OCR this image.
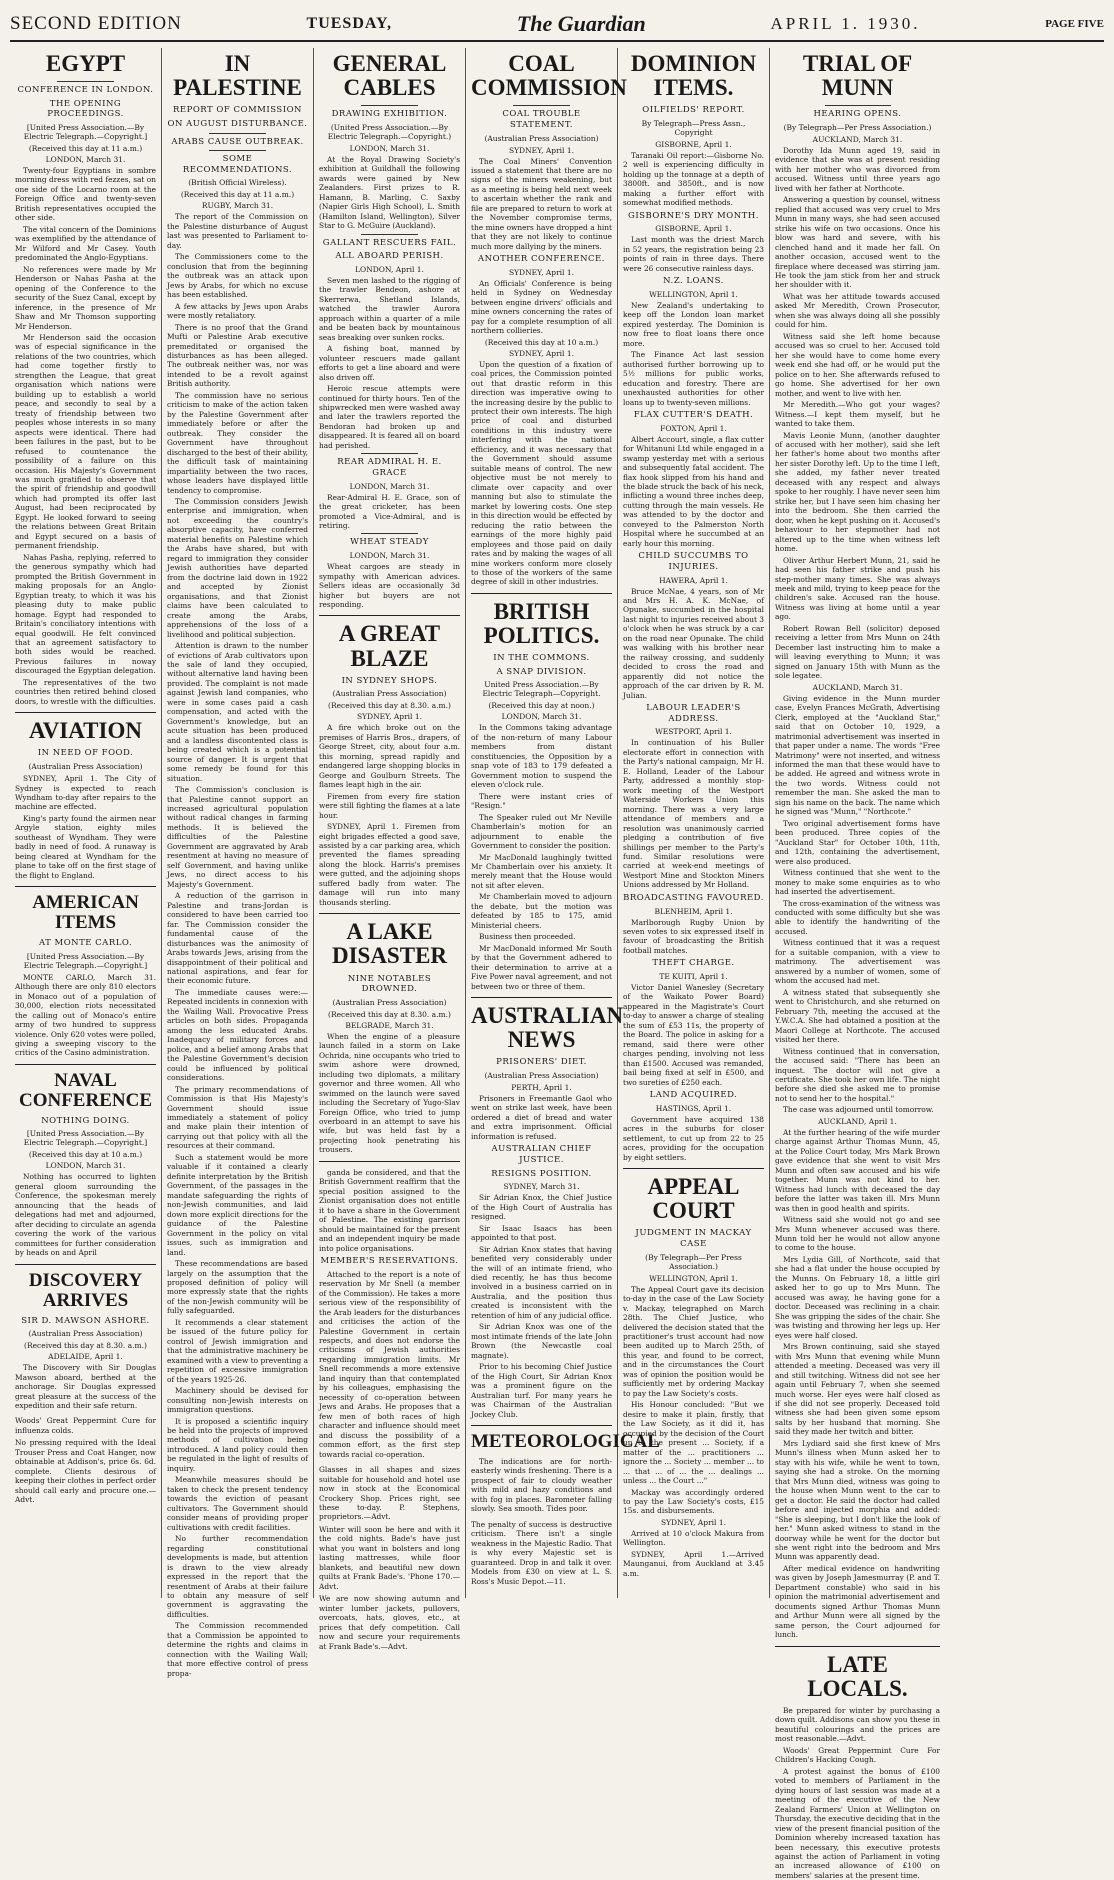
SECOND EDITION	TUESDAY,	The Guardian	APRIL 1. 1930.	PAGE FIVE
EGYPT
CONFERENCE IN LONDON.
THE OPENING PROCEEDINGS.
[United Press Association.—By Electric Telegraph.—Copyright.]
(Received this day at 11 a.m.)
LONDON, March 31.

Twenty-four Egyptians in sombre morning dress with red fezzes, sat on one side of the Locarno room at the Foreign Office and twenty-seven British representatives occupied the other side.

The vital concern of the Dominions was exemplified by the attendance of Mr Wilford and Mr Casey. Youth predominated the Anglo-Egyptians.

No references were made by Mr Henderson or Nahas Pasha at the opening of the Conference to the security of the Suez Canal, except by inference, in the presence of Mr Shaw and Mr Thomson supporting Mr Henderson.

Mr Henderson said the occasion was of especial significance in the relations of the two countries, which had come together firstly to strengthen the League, that great organisation which nations were building up to establish a world peace, and secondly to seal by a treaty of friendship between two peoples whose interests in so many aspects were identical. There had been failures in the past, but to be refused to countenance the possibility of a failure on this occasion. His Majesty's Government was much gratified to observe that the spirit of friendship and goodwill which had prompted its offer last August, had been reciprocated by Egypt. He looked forward to seeing the relations between Great Britain and Egypt secured on a basis of permanent friendship.

Nahas Pasha, replying, referred to the generous sympathy which had prompted the British Government in making proposals for an Anglo-Egyptian treaty, to which it was his pleasing duty to make public homage. Egypt had responded to Britain's conciliatory intentions with equal goodwill. He felt convinced that an agreement satisfactory to both sides would be reached. Previous failures in noway discouraged the Egyptian delegation.

The representatives of the two countries then retired behind closed doors, to wrestle with the difficulties.

AVIATION
IN NEED OF FOOD.
(Australian Press Association)

SYDNEY, April 1. The City of Sydney is expected to reach Wyndham to-day after repairs to the machine are effected.

King's party found the airmen near Argyle station, eighty miles southeast of Wyndham. They were badly in need of food. A runaway is being cleared at Wyndham for the plane to take off on the first stage of the flight to England.

AMERICAN ITEMS
AT MONTE CARLO.
[United Press Association.—By Electric Telegraph.—Copyright.]

MONTE CARLO, March 31. Although there are only 810 electors in Monaco out of a population of 30,000, election riots necessitated the calling out of Monaco's entire army of two hundred to suppress violence. Only 620 votes were polled, giving a sweeping viscory to the critics of the Casino administration.

NAVAL CONFERENCE
NOTHING DOING.
[United Press Association.—By Electric Telegraph.—Copyright.]
(Received this day at 10 a.m.)
LONDON, March 31.

Nothing has occurred to lighten general gloom surrounding the Conference, the spokesman merely announcing that the heads of delegations had met and adjourned, after deciding to circulate an agenda covering the work of the various committees for further consideration by heads on and April

DISCOVERY ARRIVES
SIR D. MAWSON ASHORE.
(Australian Press Association)
(Received this day at 8.30. a.m.)
ADELAIDE, April 1.

The Discovery with Sir Douglas Mawson aboard, berthed at the anchorage. Sir Douglas expressed great pleasure at the success of the expedition and their safe return.

Woods' Great Peppermint Cure for influenza colds.
No pressing required with the Ideal Trouser Press and Coat Hanger, now obtainable at Addison's, price 6s. 6d. complete. Clients desirous of keeping their clothes in perfect order should call early and procure one.—Advt.
IN PALESTINE
REPORT OF COMMISSION
ON AUGUST DISTURBANCE.
ARABS CAUSE OUTBREAK.
SOME RECOMMENDATIONS.
(British Official Wireless).
(Received this day at 11 a.m.)
RUGBY, March 31.

The report of the Commission on the Palestine disturbance of August last was presented to Parliament to-day.

The Commissioners come to the conclusion that from the beginning the outbreak was an attack upon Jews by Arabs, for which no excuse has been established.

A few attacks by Jews upon Arabs were mostly retaliatory.

There is no proof that the Grand Mufti or Palestine Arab executive premeditated or organised the disturbances as has been alleged. The outbreak neither was, nor was intended to be a revolt against British authority.

The commission have no serious criticism to make of the action taken by the Palestine Government after immediately before or after the outbreak. They consider the Government have throughout discharged to the best of their ability, the difficult task of maintaining impartiality between the two races, whose leaders have displayed little tendency to compromise.

The Commission considers Jewish enterprise and immigration, when not exceeding the country's absorptive capacity, have conferred material benefits on Palestine which the Arabs have shared, but with regard to immigration they consider Jewish authorities have departed from the doctrine laid down in 1922 and accepted by Zionist organisations, and that Zionist claims have been calculated to create among the Arabs, apprehensions of the loss of a livelihood and political subjection.

Attention is drawn to the number of evictions of Arab cultivators upon the sale of land they occupied, without alternative land having been provided. The complaint is not made against Jewish land companies, who were in some cases paid a cash compensation, and acted with the Government's knowledge, but an acute situation has been produced and a landless discontented class is being created which is a potential source of danger. It is urgent that some remedy be found for this situation.

The Commission's conclusion is that Palestine cannot support an increased agricultural population without radical changes in farming methods. It is believed the difficulties of the Palestine Government are aggravated by Arab resentment at having no measure of self Government, and having unlike Jews, no direct access to his Majesty's Government.

A reduction of the garrison in Palestine and trans-Jordan is considered to have been carried too far. The Commission consider the fundamental cause of the disturbances was the animosity of Arabs towards Jews, arising from the disappointment of their political and national aspirations, and fear for their economic future.

The immediate causes were:— Repeated incidents in connexion with the Wailing Wall. Provocative Press articles on both sides. Propaganda among the less educated Arabs. Inadequacy of military forces and police, and a belief among Arabs that the Palestine Government's decision could be influenced by political considerations.

The primary recommendations of Commission is that His Majesty's Government should issue immediately a statement of policy and make plain their intention of carrying out that policy with all the resources at their command.

Such a statement would be more valuable if it contained a clearly definite interpretation by the British Government, of the passages in the mandate safeguarding the rights of non-Jewish communities, and laid down more explicit directions for the guidance of the Palestine Government in the policy on vital issues, such as immigration and land.

These recommendations are based largely on the assumption that the proposed definition of policy will more expressly state that the rights of the non-Jewish community will be fully safeguarded.

It recommends a clear statement be issued of the future policy for control of Jewish immigration and that the administrative machinery be examined with a view to preventing a repetition of excessive immigration of the years 1925-26.

Machinery should be devised for consulting non-Jewish interests on immigration questions.

It is proposed a scientific inquiry be held into the projects of improved methods of cultivation being introduced. A land policy could then be regulated in the light of results of inquiry.

Meanwhile measures should be taken to check the present tendency towards the eviction of peasant cultivators. The Government should consider means of providing proper cultivations with credit facilities.

No further recommendation regarding constitutional developments is made, but attention is drawn to the view already expressed in the report that the resentment of Arabs at their failure to obtain any measure of self government is aggravating the difficulties.

The Commission recommended that a Commission be appointed to determine the rights and claims in connection with the Wailing Wall; that more effective control of press propa-

GENERAL CABLES
DRAWING EXHIBITION.
(United Press Association.—By Electric Telegraph.—Copyright.)
LONDON, March 31.

At the Royal Drawing Society's exhibition at Guildhall the following awards were gained by New Zealanders. First prizes to R. Hamann, B. Marling, C. Saxby (Napier Girls High School), L. Smith (Hamilton Island, Wellington), Silver Star to G. McGuire (Auckland).

GALLANT RESCUERS FAIL.
ALL ABOARD PERISH.
LONDON, April 1.

Seven men lashed to the rigging of the trawler Bendeon, ashore at Skerrerwa, Shetland Islands, watched the trawler Aurora approach within a quarter of a mile and be beaten back by mountainous seas breaking over sunken rocks.

A fishing boat, manned by volunteer rescuers made gallant efforts to get a line aboard and were also driven off.

Heroic rescue attempts were continued for thirty hours. Ten of the shipwrecked men were washed away and later the trawlers reported the Bendoran had broken up and disappeared. It is feared all on board had perished.

REAR ADMIRAL H. E. GRACE
LONDON, March 31.

Rear-Admiral H. E. Grace, son of the great cricketer, has been promoted a Vice-Admiral, and is retiring.

WHEAT STEADY
LONDON, March 31.

Wheat cargoes are steady in sympathy with American advices. Sellers ideas are occasionally 3d higher but buyers are not responding.

A GREAT BLAZE
IN SYDNEY SHOPS.
(Australian Press Association)
(Received this day at 8.30. a.m.)
SYDNEY, April 1.

A fire which broke out on the premises of Harris Bros., drapers, of George Street, city, about four a.m. this morning, spread rapidly and endangered large shopping blocks in George and Goulburn Streets. The flames leapt high in the air.

Firemen from every fire station were still fighting the flames at a late hour.

SYDNEY, April 1. Firemen from eight brigades effected a good save, assisted by a car parking area, which prevented the flames spreading along the block. Harris's premises were gutted, and the adjoining shops suffered badly from water. The damage will run into many thousands sterling.

A LAKE DISASTER
NINE NOTABLES DROWNED.
(Australian Press Association)
(Received this day at 8.30. a.m.)
BELGRADE, March 31.

When the engine of a pleasure launch failed in a storm on Lake Ochrida, nine occupants who tried to swim ashore were drowned, including two diplomats, a military governor and three women. All who swimmed on the launch were saved including the Secretary of Yugo-Slav Foreign Office, who tried to jump overboard in an attempt to save his wife, but was held fast by a projecting hook penetrating his trousers.

ganda be considered, and that the British Government reaffirm that the special position assigned to the Zionist organisation does not entitle it to have a share in the Government of Palestine. The existing garrison should be maintained for the present and an independent inquiry be made into police organisations.

MEMBER'S RESERVATIONS.

Attached to the report is a note of reservation by Mr Snell (a member of the Commission). He takes a more serious view of the responsibility of the Arab leaders for the disturbances and criticises the action of the Palestine Government in certain respects, and does not endorse the criticisms of Jewish authorities regarding immigration limits. Mr Snell recommends a more extensive land inquiry than that contemplated by his colleagues, emphasising the necessity of co-operation between Jews and Arabs. He proposes that a few men of both races of high character and influence should meet and discuss the possibility of a common effort, as the first step towards racial co-operation.

Glasses in all shapes and sizes suitable for household and hotel use now in stock at the Economical Crockery Shop. Prices right, see these to-day. P. Stephens, proprietors.—Advt.
Winter will soon be here and with it the cold nights. Bade's have just what you want in bolsters and long lasting mattresses, while floor blankets, and beautiful new down quilts at Frank Bade's. 'Phone 170.—Advt.
We are now showing autumn and winter lumber jackets, pullovers, overcoats, hats, gloves, etc., at prices that defy competition. Call now and secure your requirements at Frank Bade's.—Advt.
COAL COMMISSION
COAL TROUBLE STATEMENT.
(Australian Press Association)
SYDNEY, April 1.

The Coal Miners' Convention issued a statement that there are no signs of the miners weakening, but as a meeting is being held next week to ascertain whether the rank and file are prepared to return to work at the November compromise terms, the mine owners have dropped a hint that they are not likely to continue much more dallying by the miners.

ANOTHER CONFERENCE.
SYDNEY, April 1.

An Officials' Conference is being held in Sydney on Wednesday between engine drivers' officials and mine owners concerning the rates of pay for a complete resumption of all northern collieries.

(Received this day at 10 a.m.)
SYDNEY, April 1.

Upon the question of a fixation of coal prices, the Commission pointed out that drastic reform in this direction was imperative owing to the increasing desire by the public to protect their own interests. The high price of coal and disturbed conditions in this industry were interfering with the national efficiency, and it was necessary that the Government should assume suitable means of control. The new objective must be not merely to climate over capacity and over manning but also to stimulate the market by lowering costs. One step in this direction would be effected by reducing the ratio between the earnings of the more highly paid employees and those paid on daily rates and by making the wages of all mine workers conform more closely to those of the workers of the same degree of skill in other industries.

BRITISH POLITICS.
IN THE COMMONS.
A SNAP DIVISION.
United Press Association.—By Electric Telegraph—Copyright.
(Received this day at noon.)
LONDON, March 31.

In the Commons taking advantage of the non-return of many Labour members from distant constituencies, the Opposition by a snap vote of 183 to 179 defeated a Government motion to suspend the eleven o'clock rule.

There were instant cries of "Resign."

The Speaker ruled out Mr Neville Chamberlain's motion for an adjournment to enable the Government to consider the position.

Mr MacDonald laughingly twitted Mr Chamberlain over his anxiety. It merely meant that the House would not sit after eleven.

Mr Chamberlain moved to adjourn the debate, but the motion was defeated by 185 to 175, amid Ministerial cheers.

Business then proceeded.

Mr MacDonald informed Mr South by that the Government adhered to their determination to arrive at a Five Power naval agreement, and not between two or three of them.

AUSTRALIAN NEWS
PRISONERS' DIET.
(Australian Press Association)
PERTH, April 1.

Prisoners in Freemantle Gaol who went on strike last week, have been ordered a diet of bread and water and extra imprisonment. Official information is refused.

AUSTRALIAN CHIEF JUSTICE.
RESIGNS POSITION.
SYDNEY, March 31.

Sir Adrian Knox, the Chief Justice of the High Court of Australia has resigned.

Sir Isaac Isaacs has been appointed to that post.

Sir Adrian Knox states that having benefited very considerably under the will of an intimate friend, who died recently, he has thus become involved in a business carried on in Australia, and the position thus created is inconsistent with the retention of him of any judicial office.

Sir Adrian Knox was one of the most intimate friends of the late John Brown (the Newcastle coal magnate).

Prior to his becoming Chief Justice of the High Court, Sir Adrian Knox was a prominent figure on the Australian turf. For many years he was Chairman of the Australian Jockey Club.

METEOROLOGICAL

The indications are for north-easterly winds freshening. There is a prospect of fair to cloudy weather with mild and hazy conditions and with fog in places. Barometer falling slowly. Sea smooth. Tides poor.

The penalty of success is destructive criticism. There isn't a single weakness in the Majestic Radio. That is why every Majestic set is guaranteed. Drop in and talk it over. Models from £30 on view at L. S. Ross's Music Depot.—11.
DOMINION ITEMS.
OILFIELDS' REPORT.
By Telegraph—Press Assn., Copyright
GISBORNE, April 1.

Taranaki Oil report:—Gisborne No. 2 well is experiencing difficulty in holding up the tonnage at a depth of 3800ft. and 3850ft., and is now making a further effort with somewhat modified methods.

GISBORNE'S DRY MONTH.
GISBORNE, April 1.

Last month was the driest March in 52 years, the registration being 23 points of rain in three days. There were 26 consecutive rainless days.

N.Z. LOANS.
WELLINGTON, April 1.

New Zealand's undertaking to keep off the London loan market expired yesterday. The Dominion is now free to float loans there once more.

The Finance Act last session authorised further borrowing up to 5½ millions for public works, education and forestry. There are unexhausted authorities for other loans up to twenty-seven millions.

FLAX CUTTER'S DEATH.
FOXTON, April 1.

Albert Accourt, single, a flax cutter for Whitanuni Ltd while engaged in a swamp yesterday met with a serious and subsequently fatal accident. The flax hook slipped from his hand and the blade struck the back of his neck, inflicting a wound three inches deep, cutting through the main vessels. He was attended to by the doctor and conveyed to the Palmerston North Hospital where he succumbed at an early hour this morning.

CHILD SUCCUMBS TO INJURIES.
HAWERA, April 1.

Bruce McNae, 4 years, son of Mr and Mrs H. A. K. McNae, of Opunake, succumbed in the hospital last night to injuries received about 3 o'clock when he was struck by a car on the road near Opunake. The child was walking with his brother near the railway crossing, and suddenly decided to cross the road and apparently did not notice the approach of the car driven by R. M. Julian.

LABOUR LEADER'S ADDRESS.
WESTPORT, April 1.

In continuation of his Buller electorate effort in connection with the Party's national campaign, Mr H. E. Holland, Leader of the Labour Party, addressed a monthly stop-work meeting of the Westport Waterside Workers Union this morning. There was a very large attendance of members and a resolution was unanimously carried pledging a contribution of five shillings per member to the Party's fund. Similar resolutions were carried at week-end meetings of Westport Mine and Stockton Miners Unions addressed by Mr Holland.

BROADCASTING FAVOURED.
BLENHEIM, April 1.

Marlborough Rugby Union by seven votes to six expressed itself in favour of broadcasting the British football matches.

THEFT CHARGE.
TE KUITI, April 1.

Victor Daniel Wanesley (Secretary of the Waikato Power Board) appeared in the Magistrate's Court to-day to answer a charge of stealing the sum of £53 11s, the property of the Board. The police in asking for a remand, said there were other charges pending, involving not less than £1500. Accused was remanded, bail being fixed at self in £500, and two sureties of £250 each.

LAND ACQUIRED.
HASTINGS, April 1.

Government have acquired 138 acres in the suburbs for closer settlement, to cut up from 22 to 25 acres, providing for the occupation by eight settlers.

APPEAL COURT
JUDGMENT IN MACKAY CASE
(By Telegraph—Per Press Association.)
WELLINGTON, April 1.

The Appeal Court gave its decision to-day in the case of the Law Society v. Mackay, telegraphed on March 28th. The Chief Justice, who delivered the decision stated that the practitioner's trust account had now been audited up to March 25th, of this year, and found to be correct, and in the circumstances the Court was of opinion the position would be sufficiently met by ordering Mackay to pay the Law Society's costs.

His Honour concluded: "But we desire to make it plain, firstly, that the Law Society, as it did it, has occupied by the decision of the Court up to the present ... Society, if a matter of the ... practitioners ... ignore the ... Society ... member ... to ... that ... of ... the ... dealings ... unless ... the Court ..."

Mackay was accordingly ordered to pay the Law Society's costs, £15 15s. and disbursements.

SYDNEY, April 1.

Arrived at 10 o'clock Makura from Wellington.

SYDNEY, April 1.—Arrived Maunganui, from Auckland at 3.45 a.m.

TRIAL OF MUNN
HEARING OPENS.
(By Telegraph—Per Press Association.)
AUCKLAND, March 31.

Dorothy Ida Munn aged 19, said in evidence that she was at present residing with her mother who was divorced from accused. Witness until three years ago lived with her father at Northcote.

Answering a question by counsel, witness replied that accused was very cruel to Mrs Munn in many ways, she had seen accused strike his wife on two occasions. Once his blow was hard and severe, with his clenched hand and it made her fall. On another occasion, accused went to the fireplace where deceased was stirring jam. He took the jam stick from her and struck her shoulder with it.

What was her attitude towards accused asked Mr Meredith, Crown Prosecutor, when she was always doing all she possibly could for him.

Witness said she left home because accused was so cruel to her. Accused told her she would have to come home every week end she had off, or he would put the police on to her. She afterwards refused to go home. She advertised for her own mother, and went to live with her.

Mr Meredith.—Who got your wages? Witness.—I kept them myself, but he wanted to take them.

Mavis Leonie Munn, (another daughter of accused with her mother), said she left her father's home about two months after her sister Dorothy left. Up to the time I left, she added, my father never treated deceased with any respect and always spoke to her roughly. I have never seen him strike her, but I have seen him chasing her into the bedroom. She then carried the door, when he kept pushing on it. Accused's behaviour to her stepmother had not altered up to the time when witness left home.

Oliver Arthur Herbert Munn, 21, said he had seen his father strike and push his step-mother many times. She was always meek and mild, trying to keep peace for the children's sake. Accused ran the house. Witness was living at home until a year ago.

Robert Rowan Bell (solicitor) deposed receiving a letter from Mrs Munn on 24th December last instructing him to make a will leaving everything to Munn; it was signed on January 15th with Munn as the sole legatee.

AUCKLAND, March 31.

Giving evidence in the Munn murder case, Evelyn Frances McGrath, Advertising Clerk, employed at the "Auckland Star," said that on October 10, 1929, a matrimonial advertisement was inserted in that paper under a name. The words "Free Matrimony" were not inserted, and witness informed the man that these would have to be added. He agreed and witness wrote in the two words. Witness could not remember the man. She asked the man to sign his name on the back. The name which he signed was "Munn," "Northcote."

Two original advertisement forms have been produced. Three copies of the "Auckland Star" for October 10th, 11th, and 12th, containing the advertisement, were also produced.

Witness continued that she went to the money to make some enquiries as to who had inserted the advertisement.

The cross-examination of the witness was conducted with some difficulty but she was able to identify the handwriting of the accused.

Witness continued that it was a request for a suitable companion, with a view to matrimony. The advertisement was answered by a number of women, some of whom the accused had met.

A witness stated that subsequently she went to Christchurch, and she returned on February 7th, meeting the accused at the Y.W.C.A. She had obtained a position at the Maori College at Northcote. The accused visited her there.

Witness continued that in conversation, the accused said: "There has been an inquest. The doctor will not give a certificate. She took her own life. The night before she died she asked me to promise not to send her to the hospital."

The case was adjourned until tomorrow.

AUCKLAND, April 1.

At the further hearing of the wife murder charge against Arthur Thomas Munn, 45, at the Police Court today, Mrs Mark Brown gave evidence that she went to visit Mrs Munn and often saw accused and his wife together. Munn was not kind to her. Witness had lunch with deceased the day before the latter was taken ill. Mrs Munn was then in good health and spirits.

Witness said she would not go and see Mrs Munn whenever accused was there. Munn told her he would not allow anyone to come to the house.

Mrs Lydia Gill, of Northcote, said that she had a flat under the house occupied by the Munns. On February 18, a little girl asked her to go up to Mrs Munn. The accused was away, he having gone for a doctor. Deceased was reclining in a chair. She was gripping the sides of the chair. She was twisting and throwing her legs up. Her eyes were half closed.

Mrs Brown continuing, said she stayed with Mrs Munn that evening while Munn attended a meeting. Deceased was very ill and still twitching. Witness did not see her again until February 7, when she seemed much worse. Her eyes were half closed as if she did not see properly. Deceased told witness she had been given some epsom salts by her husband that morning. She said they made her twitch and bitter.

Mrs Lydiard said she first knew of Mrs Munn's illness when Munn asked her to stay with his wife, while he went to town, saying she had a stroke. On the morning that Mrs Munn died, witness was going to the house when Munn went to the car to get a doctor. He said the doctor had called before and injected morphia and added: "She is sleeping, but I don't like the look of her." Munn asked witness to stand in the doorway while he went for the doctor but she went right into the bedroom and Mrs Munn was apparently dead.

After medical evidence on handwriting was given by Joseph Jamesmurray (P. and T. Department constable) who said in his opinion the matrimonial advertisement and documents signed Arthur Thomas Munn and Arthur Munn were all signed by the same person, the Court adjourned for lunch.

LATE LOCALS.

Be prepared for winter by purchasing a down quilt. Addisons can show you these in beautiful colourings and the prices are most reasonable.—Advt.

Woods' Great Peppermint Cure For Children's Hacking Cough.

A protest against the bonus of £100 voted to members of Parliament in the dying hours of last session was made at a meeting of the executive of the New Zealand Farmers' Union at Wellington on Thursday, the executive deciding that in the view of the present financial position of the Dominion whereby increased taxation has been necessary, this executive protests against the action of Parliament in voting an increased allowance of £100 on members' salaries at the present time.
